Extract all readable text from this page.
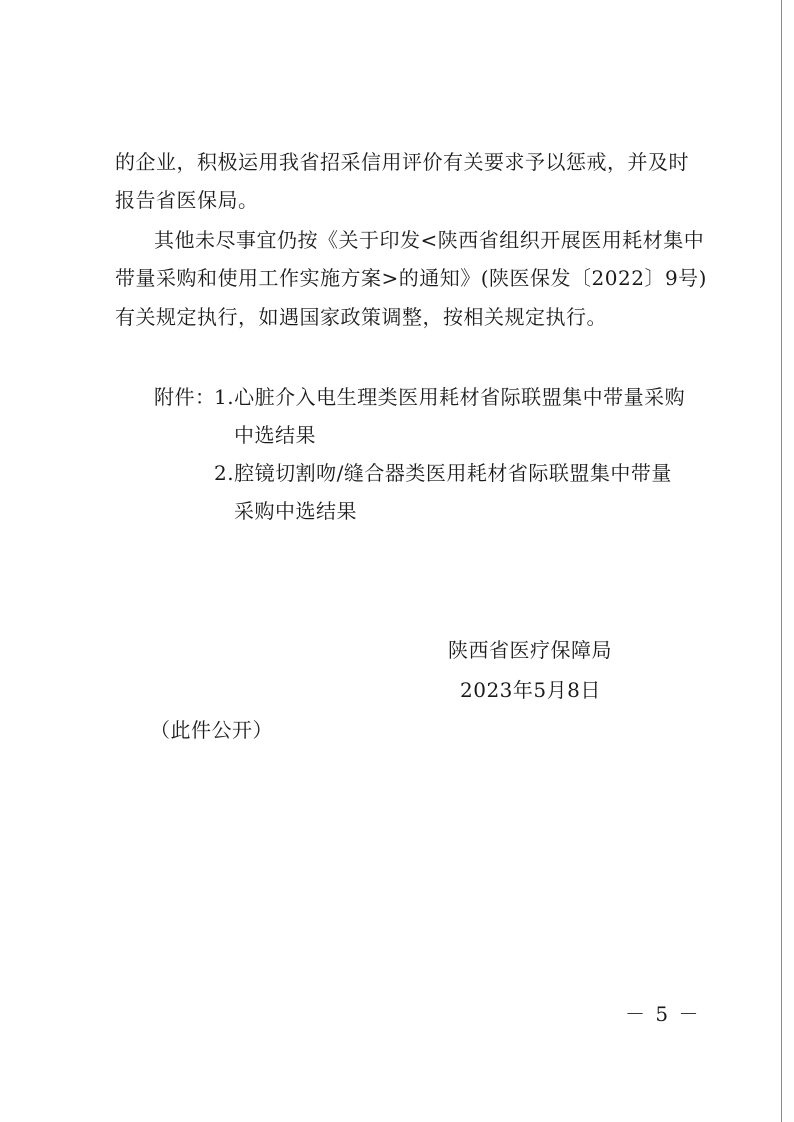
的企业，积极运用我省招采信用评价有关要求予以惩戒，并及时
报告省医保局。
其他未尽事宜仍按《关于印发<陕西省组织开展医用耗材集中
带量采购和使用工作实施方案>的通知》(陕医保发〔2022〕9号)
有关规定执行，如遇国家政策调整，按相关规定执行。
附件：
1.心脏介入电生理类医用耗材省际联盟集中带量采购
中选结果
2.腔镜切割吻/缝合器类医用耗材省际联盟集中带量
采购中选结果
陕西省医疗保障局
2023年5月8日
（此件公开）
－ 5 －
